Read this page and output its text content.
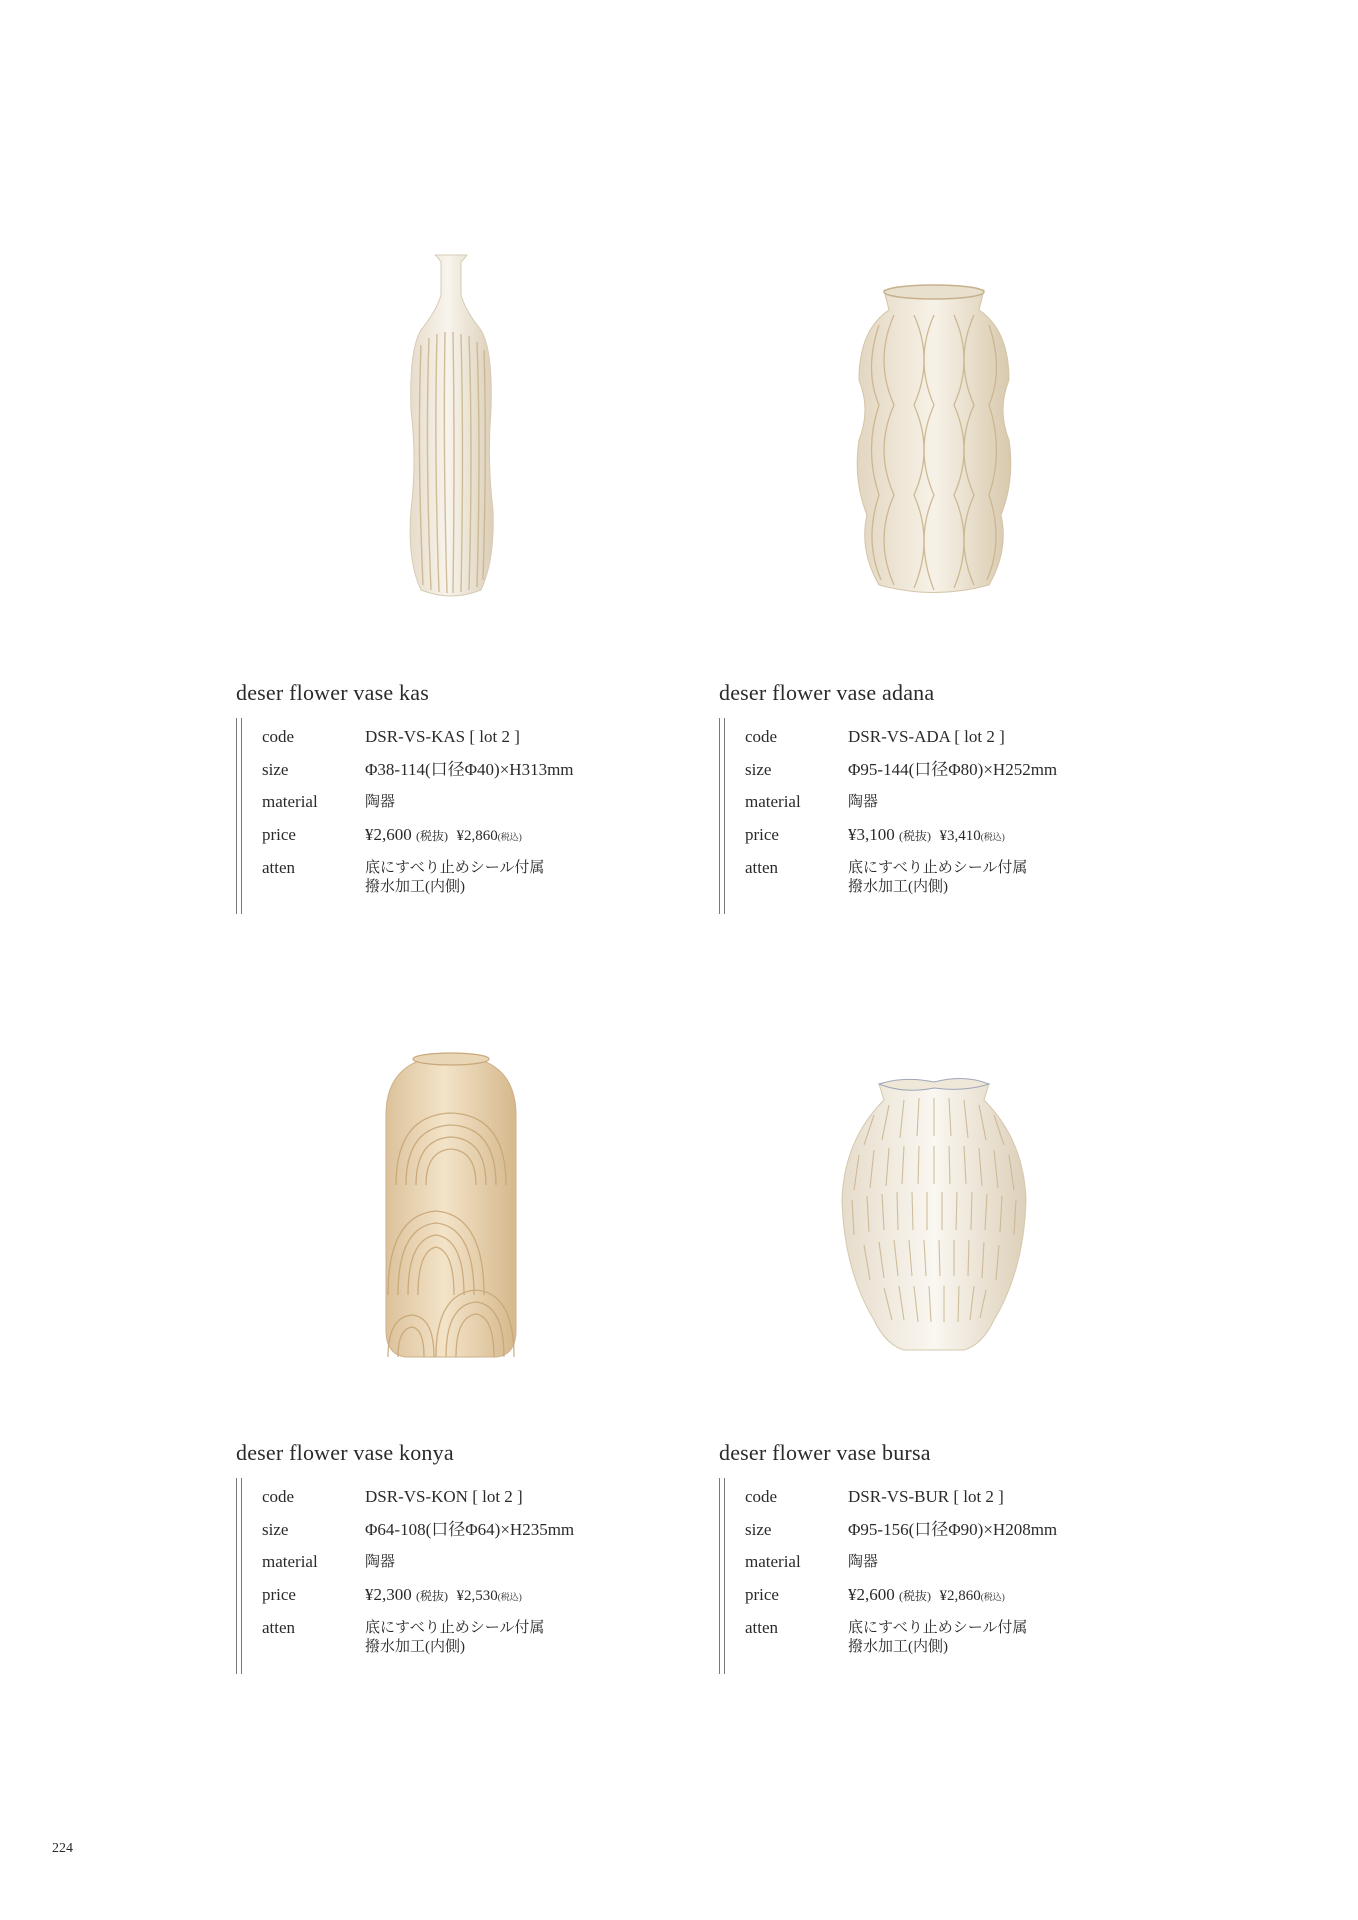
deser flower vase kas
code	DSR-VS-KAS [ lot 2 ]
size	Φ38-114(口径Φ40)×H313mm
material	陶器
price	¥2,600 (税抜) ¥2,860(税込)
atten	底にすべり止めシール付属
撥水加工(内側)
deser flower vase adana
code	DSR-VS-ADA [ lot 2 ]
size	Φ95-144(口径Φ80)×H252mm
material	陶器
price	¥3,100 (税抜) ¥3,410(税込)
atten	底にすべり止めシール付属
撥水加工(内側)
deser flower vase konya
code	DSR-VS-KON [ lot 2 ]
size	Φ64-108(口径Φ64)×H235mm
material	陶器
price	¥2,300 (税抜) ¥2,530(税込)
atten	底にすべり止めシール付属
撥水加工(内側)
deser flower vase bursa
code	DSR-VS-BUR [ lot 2 ]
size	Φ95-156(口径Φ90)×H208mm
material	陶器
price	¥2,600 (税抜) ¥2,860(税込)
atten	底にすべり止めシール付属
撥水加工(内側)
224
